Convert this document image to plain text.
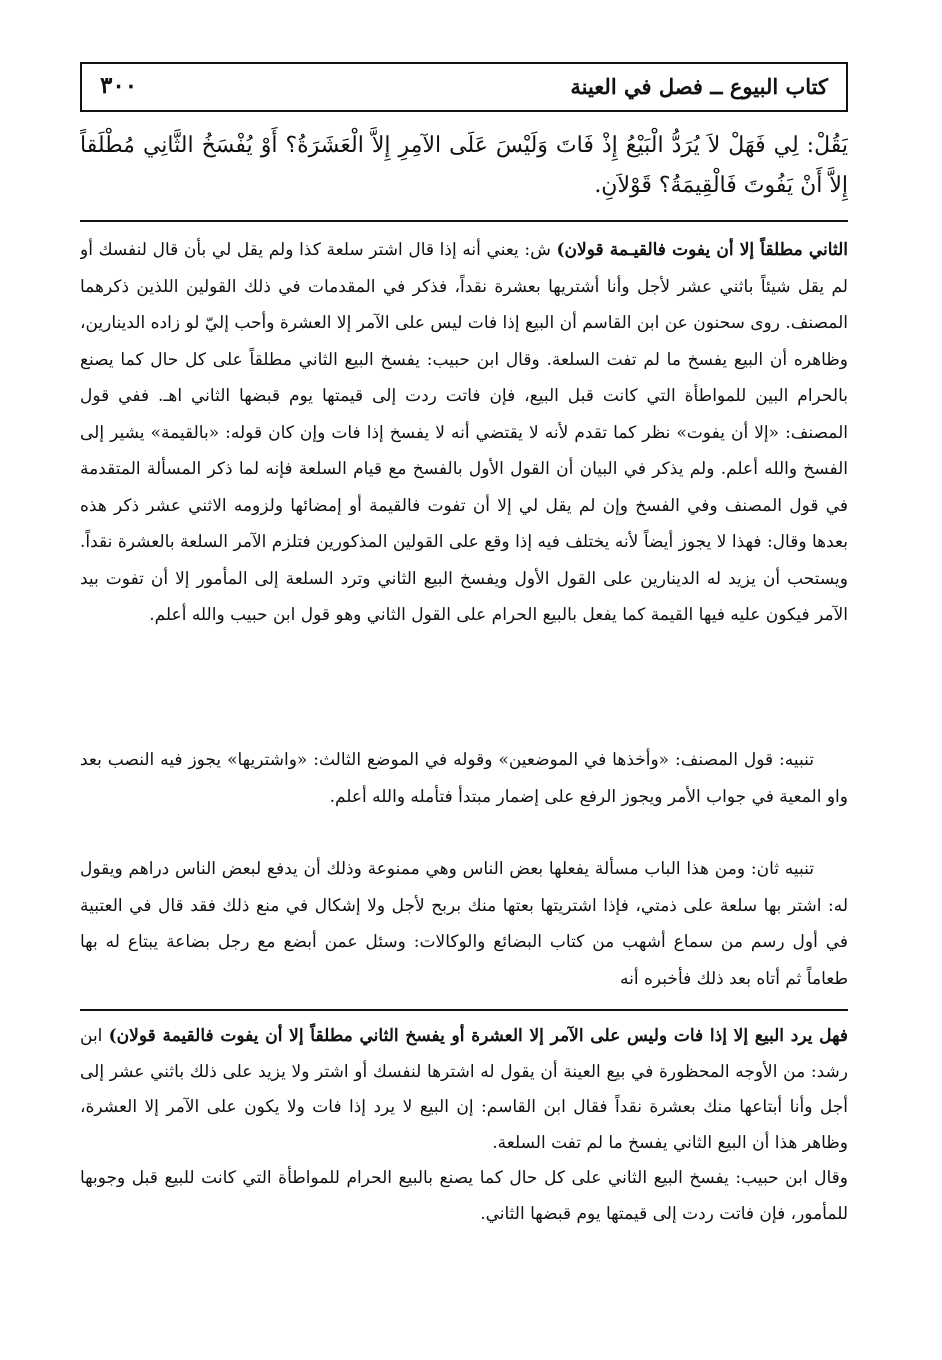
كتاب البيوع ــ فصل في العينة
٣٠٠

يَقُلْ: لِي فَهَلْ لاَ يُرَدُّ الْبَيْعُ إِذْ فَاتَ وَلَيْسَ عَلَى الآمِرِ إِلاَّ الْعَشَرَةُ؟ أَوْ يُفْسَخُ الثَّانِي مُطْلَقاً إِلاَّ أَنْ يَفُوتَ فَالْقِيمَةُ؟ قَوْلاَنِ.

الثاني مطلقاً إلا أن يفوت فالقيـمة قولان) ش: يعني أنه إذا قال اشتر سلعة كذا ولم يقل لي بأن قال لنفسك أو لم يقل شيئاً باثني عشر لأجل وأنا أشتريها بعشرة نقداً، فذكر في المقدمات في ذلك القولين اللذين ذكرهما المصنف. روى سحنون عن ابن القاسم أن البيع إذا فات ليس على الآمر إلا العشرة وأحب إليّ لو زاده الدينارين، وظاهره أن البيع يفسخ ما لم تفت السلعة. وقال ابن حبيب: يفسخ البيع الثاني مطلقاً على كل حال كما يصنع بالحرام البين للمواطأة التي كانت قبل البيع، فإن فاتت ردت إلى قيمتها يوم قبضها الثاني اهـ. ففي قول المصنف: «إلا أن يفوت» نظر كما تقدم لأنه لا يقتضي أنه لا يفسخ إذا فات وإن كان قوله: «بالقيمة» يشير إلى الفسخ والله أعلم. ولم يذكر في البيان أن القول الأول بالفسخ مع قيام السلعة فإنه لما ذكر المسألة المتقدمة في قول المصنف وفي الفسخ وإن لم يقل لي إلا أن تفوت فالقيمة أو إمضائها ولزومه الاثني عشر ذكر هذه بعدها وقال: فهذا لا يجوز أيضاً لأنه يختلف فيه إذا وقع على القولين المذكورين فتلزم الآمر السلعة بالعشرة نقداً. ويستحب أن يزيد له الدينارين على القول الأول ويفسخ البيع الثاني وترد السلعة إلى المأمور إلا أن تفوت بيد الآمر فيكون عليه فيها القيمة كما يفعل بالبيع الحرام على القول الثاني وهو قول ابن حبيب والله أعلم.

تنبيه: قول المصنف: «وأخذها في الموضعين» وقوله في الموضع الثالث: «واشتريها» يجوز فيه النصب بعد واو المعية في جواب الأمر ويجوز الرفع على إضمار مبتدأ فتأمله والله أعلم.

تنبيه ثان: ومن هذا الباب مسألة يفعلها بعض الناس وهي ممنوعة وذلك أن يدفع لبعض الناس دراهم ويقول له: اشتر بها سلعة على ذمتي، فإذا اشتريتها بعتها منك بربح لأجل ولا إشكال في منع ذلك فقد قال في العتبية في أول رسم من سماع أشهب من كتاب البضائع والوكالات: وسئل عمن أبضع مع رجل بضاعة يبتاع له بها طعاماً ثم أتاه بعد ذلك فأخبره أنه

فهل يرد البيع إلا إذا فات وليس على الآمر إلا العشرة أو يفسخ الثاني مطلقاً إلا أن يفوت فالقيمة قولان) ابن رشد: من الأوجه المحظورة في بيع العينة أن يقول له اشترها لنفسك أو اشتر ولا يزيد على ذلك باثني عشر إلى أجل وأنا أبتاعها منك بعشرة نقداً فقال ابن القاسم: إن البيع لا يرد إذا فات ولا يكون على الآمر إلا العشرة، وظاهر هذا أن البيع الثاني يفسخ ما لم تفت السلعة.

وقال ابن حبيب: يفسخ البيع الثاني على كل حال كما يصنع بالبيع الحرام للمواطأة التي كانت للبيع قبل وجوبها للمأمور، فإن فاتت ردت إلى قيمتها يوم قبضها الثاني.
